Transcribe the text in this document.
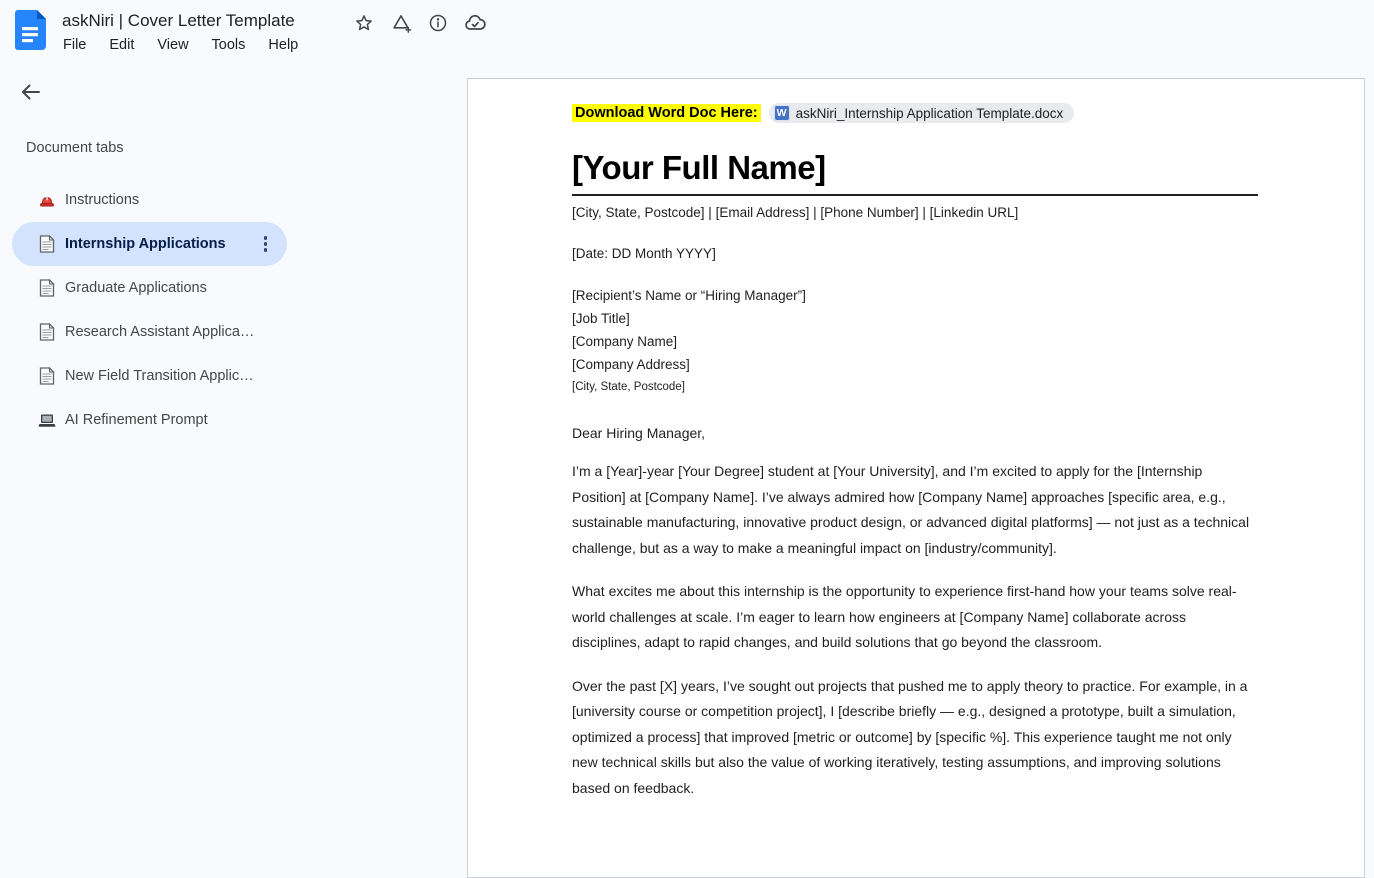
askNiri | Cover Letter Template
File Edit View Tools Help
Document tabs
Instructions
Internship Applications
Graduate Applications
Research Assistant Applica…
New Field Transition Applic…
AI Refinement Prompt
Download Word Doc Here: W askNiri_Internship Application Template.docx
[Your Full Name]
[City, State, Postcode] | [Email Address] | [Phone Number] | [Linkedin URL]
[Date: DD Month YYYY]
[Recipient’s Name or “Hiring Manager”]
[Job Title]
[Company Name]
[Company Address]
[City, State, Postcode]
Dear Hiring Manager,
I’m a [Year]-year [Your Degree] student at [Your University], and I’m excited to apply for the [Internship Position] at [Company Name]. I’ve always admired how [Company Name] approaches [specific area, e.g., sustainable manufacturing, innovative product design, or advanced digital platforms] — not just as a technical challenge, but as a way to make a meaningful impact on [industry/community].
What excites me about this internship is the opportunity to experience first-hand how your teams solve real-world challenges at scale. I’m eager to learn how engineers at [Company Name] collaborate across disciplines, adapt to rapid changes, and build solutions that go beyond the classroom.
Over the past [X] years, I’ve sought out projects that pushed me to apply theory to practice. For example, in a [university course or competition project], I [describe briefly — e.g., designed a prototype, built a simulation, optimized a process] that improved [metric or outcome] by [specific %]. This experience taught me not only new technical skills but also the value of working iteratively, testing assumptions, and improving solutions based on feedback.
